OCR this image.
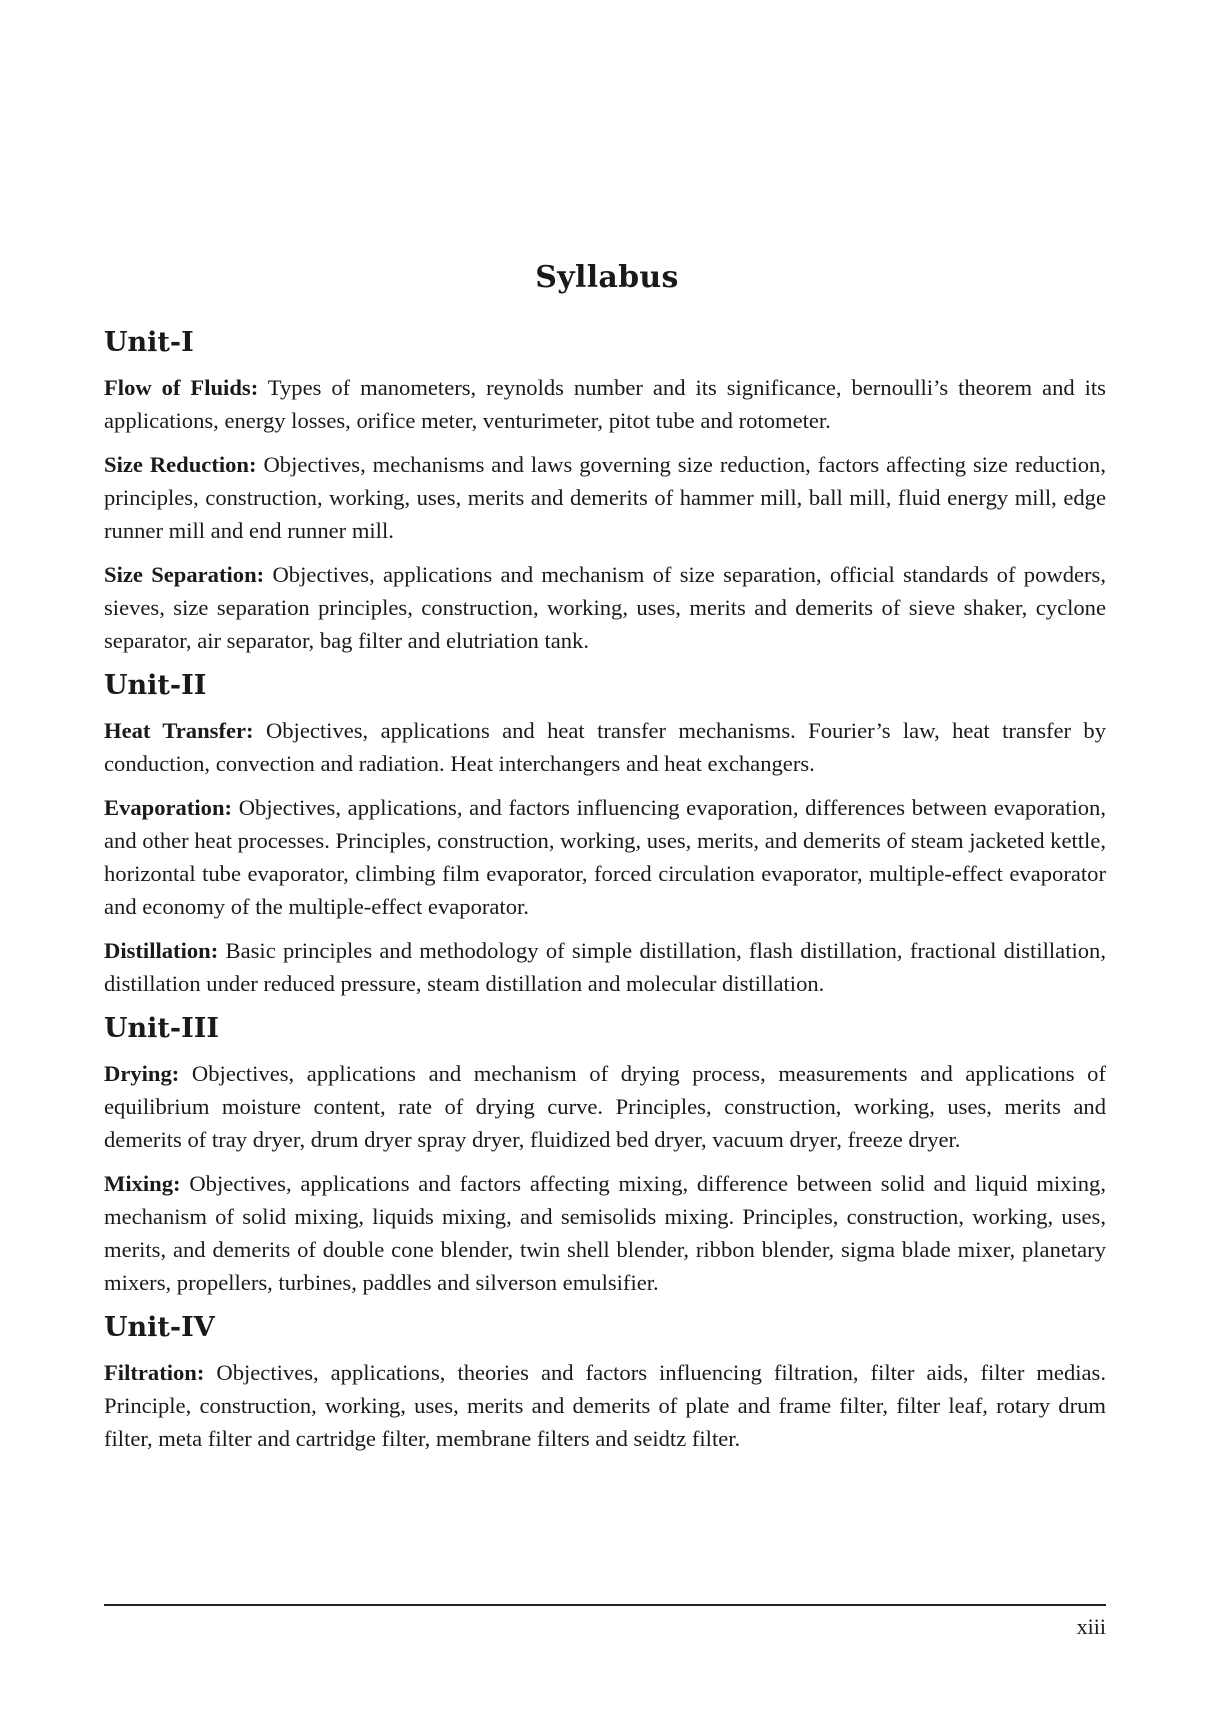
Syllabus
Unit-I

Flow of Fluids: Types of manometers, reynolds number and its significance, bernoulli’s theorem and its applications, energy losses, orifice meter, venturimeter, pitot tube and rotometer.

Size Reduction: Objectives, mechanisms and laws governing size reduction, factors affecting size reduction, principles, construction, working, uses, merits and demerits of hammer mill, ball mill, fluid energy mill, edge runner mill and end runner mill.

Size Separation: Objectives, applications and mechanism of size separation, official standards of powders, sieves, size separation principles, construction, working, uses, merits and demerits of sieve shaker, cyclone separator, air separator, bag filter and elutriation tank.

Unit-II

Heat Transfer: Objectives, applications and heat transfer mechanisms. Fourier’s law, heat transfer by conduction, convection and radiation. Heat interchangers and heat exchangers.

Evaporation: Objectives, applications, and factors influencing evaporation, differences between evaporation, and other heat processes. Principles, construction, working, uses, merits, and demerits of steam jacketed kettle, horizontal tube evaporator, climbing film evaporator, forced circulation evaporator, multiple-effect evaporator and economy of the multiple-effect evaporator.

Distillation: Basic principles and methodology of simple distillation, flash distillation, fractional distillation, distillation under reduced pressure, steam distillation and molecular distillation.

Unit-III

Drying: Objectives, applications and mechanism of drying process, measurements and applications of equilibrium moisture content, rate of drying curve. Principles, construction, working, uses, merits and demerits of tray dryer, drum dryer spray dryer, fluidized bed dryer, vacuum dryer, freeze dryer.

Mixing: Objectives, applications and factors affecting mixing, difference between solid and liquid mixing, mechanism of solid mixing, liquids mixing, and semisolids mixing. Principles, construction, working, uses, merits, and demerits of double cone blender, twin shell blender, ribbon blender, sigma blade mixer, planetary mixers, propellers, turbines, paddles and silverson emulsifier.

Unit-IV

Filtration: Objectives, applications, theories and factors influencing filtration, filter aids, filter medias. Principle, construction, working, uses, merits and demerits of plate and frame filter, filter leaf, rotary drum filter, meta filter and cartridge filter, membrane filters and seidtz filter.

xiii
